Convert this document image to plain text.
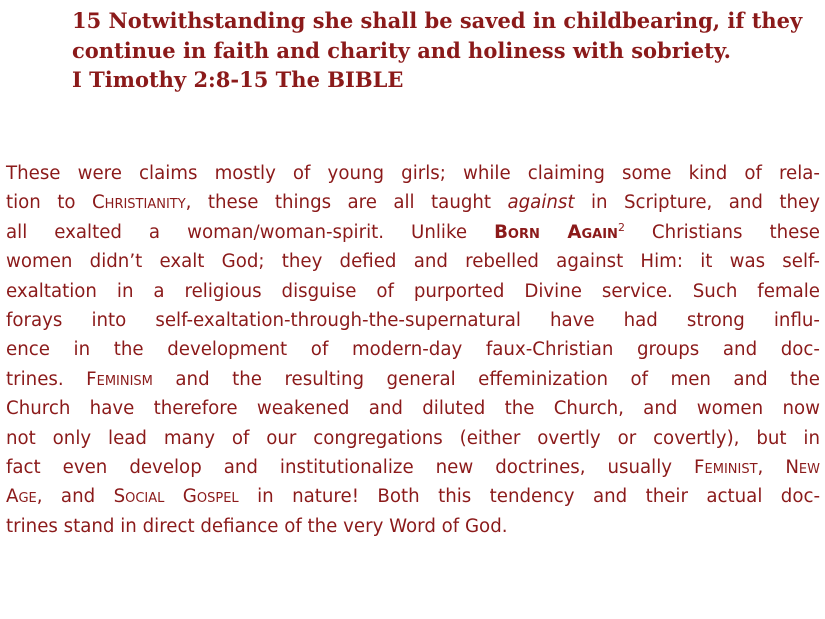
15 Notwithstanding she shall be saved in childbearing, if they
continue in faith and charity and holiness with sobriety.
I Timothy 2:8-15 The BIBLE
These were claims mostly of young girls; while claiming some kind of rela-
tion to Christianity, these things are all taught against in Scripture, and they
all exalted a woman/woman-spirit. Unlike Born Again$^2$ Christians these
women didn’t exalt God; they defied and rebelled against Him: it was self-
exaltation in a religious disguise of purported Divine service. Such female
forays into self-exaltation-through-the-supernatural have had strong influ-
ence in the development of modern-day faux-Christian groups and doc-
trines. Feminism and the resulting general effeminization of men and the
Church have therefore weakened and diluted the Church, and women now
not only lead many of our congregations (either overtly or covertly), but in
fact even develop and institutionalize new doctrines, usually Feminist, New
Age, and Social Gospel in nature! Both this tendency and their actual doc-
trines stand in direct defiance of the very Word of God.
